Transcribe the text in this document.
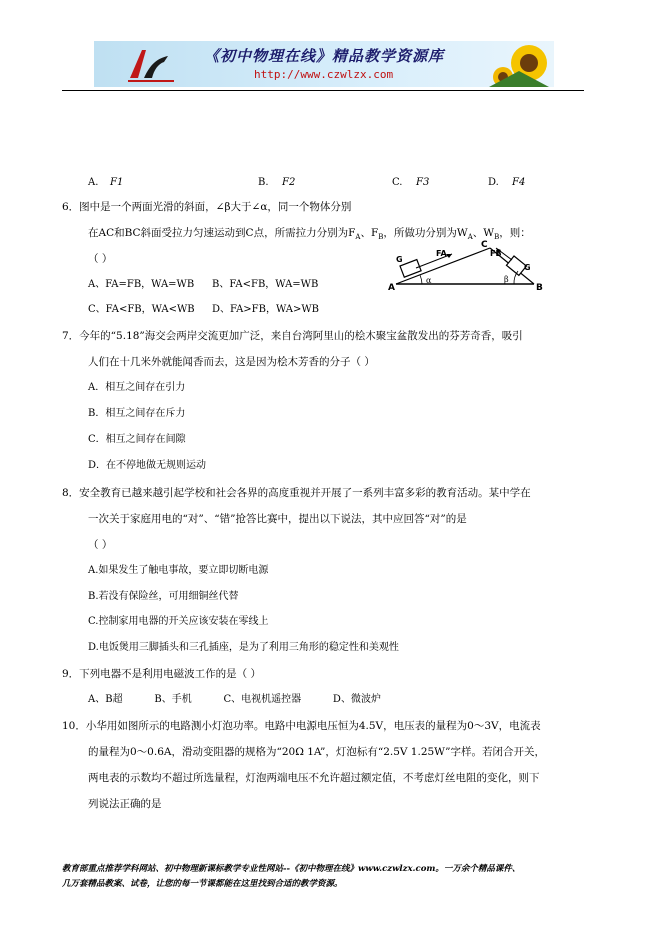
《初中物理在线》精品教学资源库
http://www.czwlzx.com
A. F1	B. F2	C. F3	D. F4
6．图中是一个两面光滑的斜面，∠β大于∠α，同一个物体分别
在AC和BC斜面受拉力匀速运动到C点，所需拉力分别为$F_A$、$F_B$，所做功分别为$W_A$、$W_B$，则：
（ ）
A、FA=FB，WA=WB B、FA<FB，WA=WB
C、FA<FB，WA<WB D、FA>FB，WA>WB
A	B
C
G
G
FA	FB
α	β
7．今年的“5.18”海交会两岸交流更加广泛，来自台湾阿里山的桧木聚宝盆散发出的芬芳奇香，吸引
人们在十几米外就能闻香而去，这是因为桧木芳香的分子（ ）
A．相互之间存在引力
B．相互之间存在斥力
C．相互之间存在间隙
D．在不停地做无规则运动
8．安全教育已越来越引起学校和社会各界的高度重视并开展了一系列丰富多彩的教育活动。某中学在
一次关于家庭用电的“对”、“错”抢答比赛中，提出以下说法，其中应回答“对”的是
（ ）
A.如果发生了触电事故，要立即切断电源
B.若没有保险丝，可用细铜丝代替
C.控制家用电器的开关应该安装在零线上
D.电饭煲用三脚插头和三孔插座，是为了利用三角形的稳定性和美观性
9．下列电器不是利用电磁波工作的是（ ）
A、B超          B、手机          C、电视机遥控器          D、微波炉
10．小华用如图所示的电路测小灯泡功率。电路中电源电压恒为4.5V，电压表的量程为0～3V，电流表
的量程为0～0.6A，滑动变阻器的规格为“20Ω 1A”，灯泡标有“2.5V 1.25W”字样。若闭合开关，
两电表的示数均不超过所选量程，灯泡两端电压不允许超过额定值，不考虑灯丝电阻的变化，则下
列说法正确的是
教育部重点推荐学科网站、初中物理新课标教学专业性网站--《初中物理在线》www.czwlzx.com。一万余个精品课件、
几万套精品教案、试卷，让您的每一节课都能在这里找到合适的教学资源。
